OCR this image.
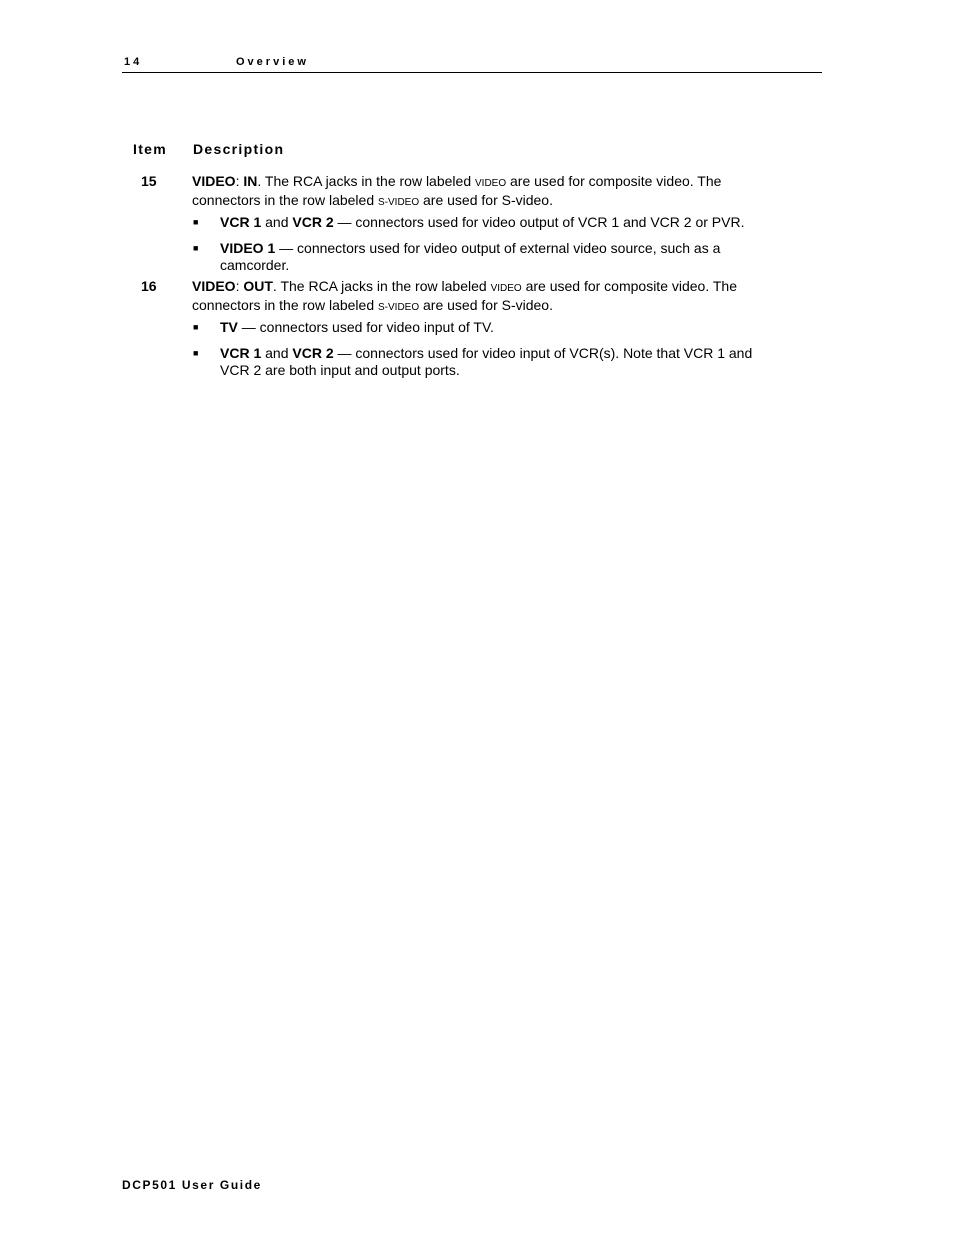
14	Overview
Item Description
15	VIDEO: IN. The RCA jacks in the row labeled VIDEO are used for composite video. The connectors in the row labeled S-VIDEO are used for S-video.
■ VCR 1 and VCR 2 — connectors used for video output of VCR 1 and VCR 2 or PVR.
■ VIDEO 1 — connectors used for video output of external video source, such as a camcorder.
16	VIDEO: OUT. The RCA jacks in the row labeled VIDEO are used for composite video. The connectors in the row labeled S-VIDEO are used for S-video.
■ TV — connectors used for video input of TV.
■ VCR 1 and VCR 2 — connectors used for video input of VCR(s). Note that VCR 1 and VCR 2 are both input and output ports.
DCP501 User Guide
